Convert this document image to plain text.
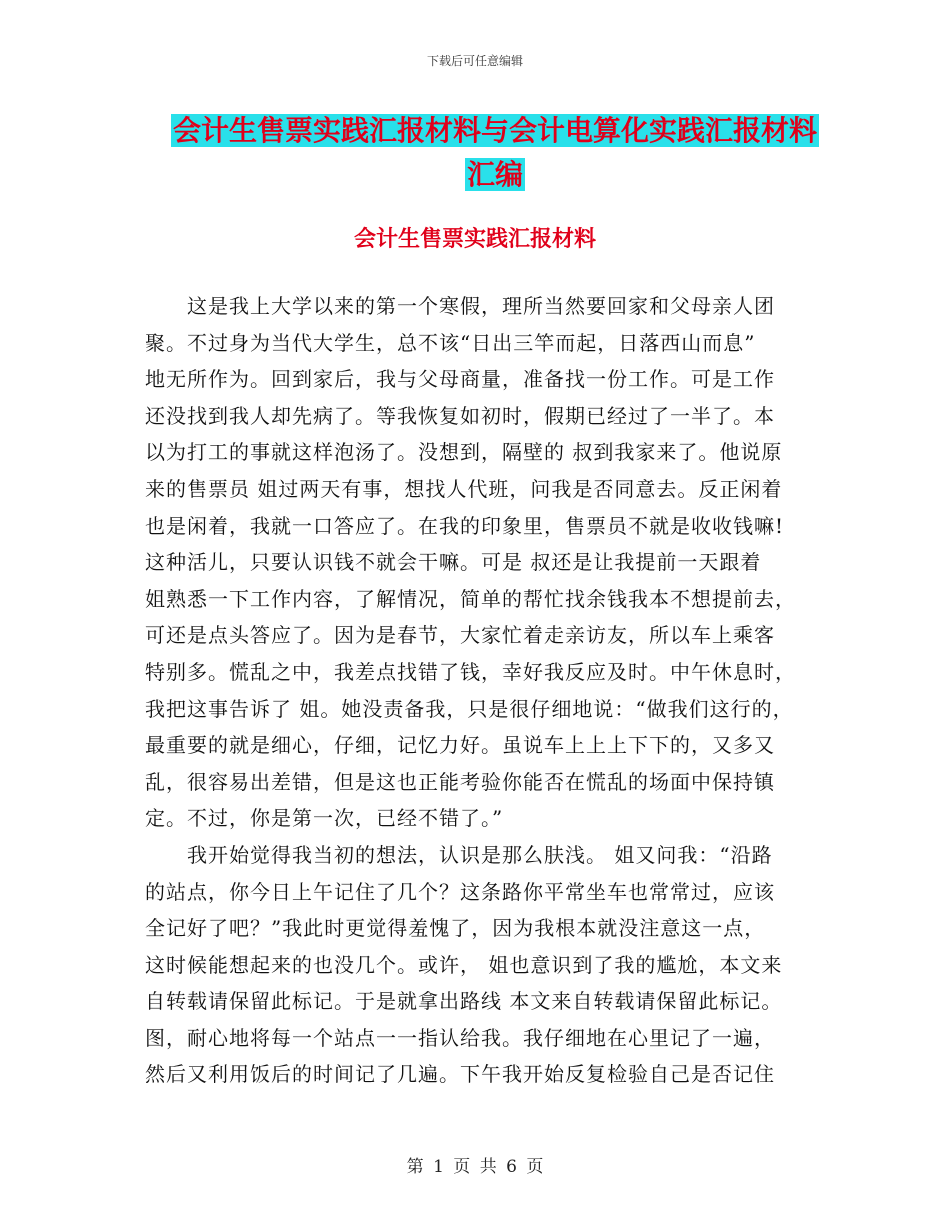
下载后可任意编辑
会计生售票实践汇报材料与会计电算化实践汇报材料
汇编
会计生售票实践汇报材料
这是我上大学以来的第一个寒假，理所当然要回家和父母亲人团
聚。不过身为当代大学生，总不该“日出三竿而起，日落西山而息”
地无所作为。回到家后，我与父母商量，准备找一份工作。可是工作
还没找到我人却先病了。等我恢复如初时，假期已经过了一半了。本
以为打工的事就这样泡汤了。没想到，隔壁的 叔到我家来了。他说原
来的售票员 姐过两天有事，想找人代班，问我是否同意去。反正闲着
也是闲着，我就一口答应了。在我的印象里，售票员不就是收收钱嘛!
这种活儿，只要认识钱不就会干嘛。可是 叔还是让我提前一天跟着
姐熟悉一下工作内容，了解情况，简单的帮忙找余钱我本不想提前去，
可还是点头答应了。因为是春节，大家忙着走亲访友，所以车上乘客
特别多。慌乱之中，我差点找错了钱，幸好我反应及时。中午休息时，
我把这事告诉了 姐。她没责备我，只是很仔细地说：“做我们这行的，
最重要的就是细心，仔细，记忆力好。虽说车上上上下下的，又多又
乱，很容易出差错，但是这也正能考验你能否在慌乱的场面中保持镇
定。不过，你是第一次，已经不错了。”
我开始觉得我当初的想法，认识是那么肤浅。 姐又问我：“沿路
的站点，你今日上午记住了几个？这条路你平常坐车也常常过，应该
全记好了吧？”我此时更觉得羞愧了，因为我根本就没注意这一点，
这时候能想起来的也没几个。或许， 姐也意识到了我的尴尬，本文来
自转载请保留此标记。于是就拿出路线 本文来自转载请保留此标记。
图，耐心地将每一个站点一一指认给我。我仔细地在心里记了一遍，
然后又利用饭后的时间记了几遍。下午我开始反复检验自己是否记住
第 1 页 共 6 页
